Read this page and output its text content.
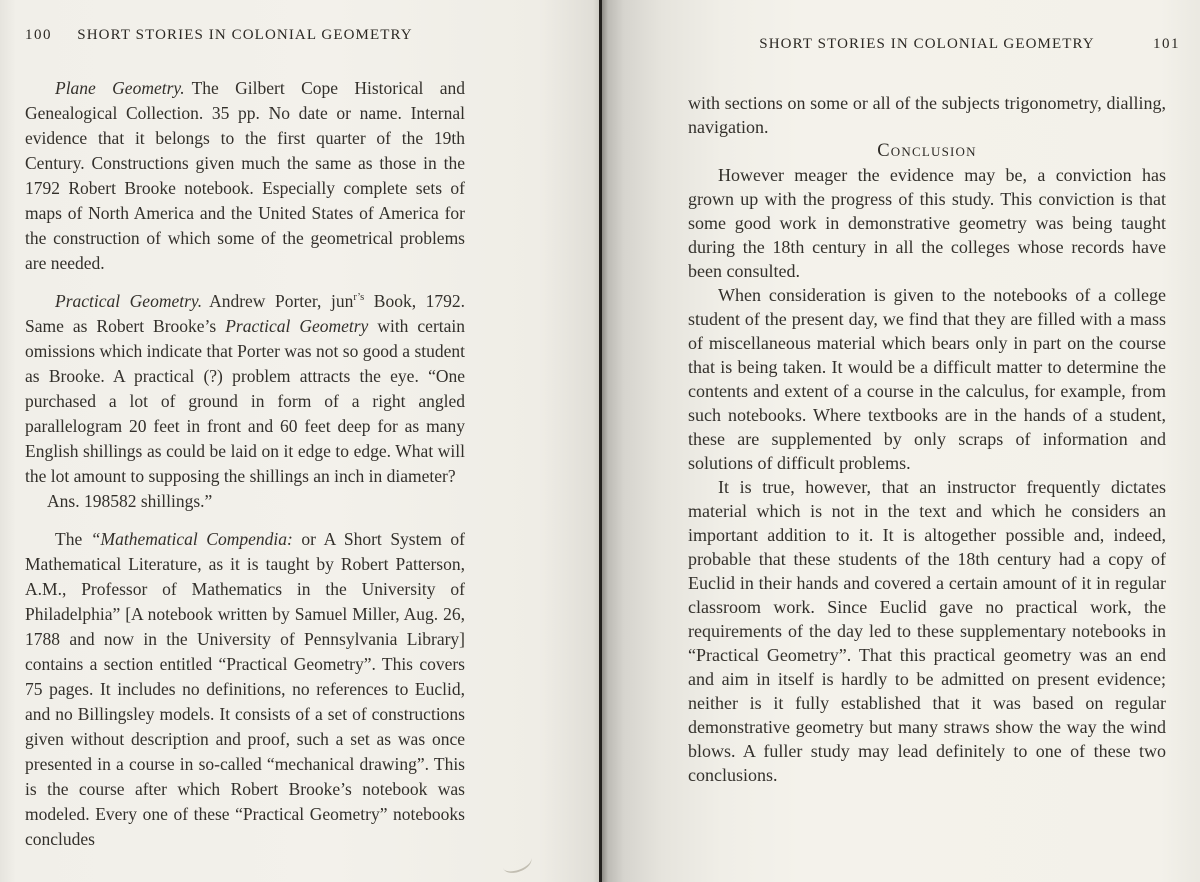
100 SHORT STORIES IN COLONIAL GEOMETRY

Plane Geometry. The Gilbert Cope Historical and Genealogical Collection. 35 pp. No date or name. Internal evidence that it belongs to the first quarter of the 19th Century. Constructions given much the same as those in the 1792 Robert Brooke notebook. Especially complete sets of maps of North America and the United States of America for the construction of which some of the geometrical problems are needed.

Practical Geometry. Andrew Porter, jun$^{r’s}$ Book, 1792. Same as Robert Brooke’s Practical Geometry with certain omissions which indicate that Porter was not so good a student as Brooke. A practical (?) problem attracts the eye. “One purchased a lot of ground in form of a right angled parallelogram 20 feet in front and 60 feet deep for as many English shillings as could be laid on it edge to edge. What will the lot amount to supposing the shillings an inch in diameter?

Ans. 198582 shillings.”

The “Mathematical Compendia: or A Short System of Mathematical Literature, as it is taught by Robert Patterson, A.M., Professor of Mathematics in the University of Philadelphia” [A notebook written by Samuel Miller, Aug. 26, 1788 and now in the University of Pennsylvania Library] contains a section entitled “Practical Geometry”. This covers 75 pages. It includes no definitions, no references to Euclid, and no Billingsley models. It consists of a set of constructions given without description and proof, such a set as was once presented in a course in so-called “mechanical drawing”. This is the course after which Robert Brooke’s notebook was modeled. Every one of these “Practical Geometry” notebooks concludes

SHORT STORIES IN COLONIAL GEOMETRY	101

with sections on some or all of the subjects trigonometry, dialling, navigation.

Conclusion

However meager the evidence may be, a conviction has grown up with the progress of this study. This conviction is that some good work in demonstrative geometry was being taught during the 18th century in all the colleges whose records have been consulted.

When consideration is given to the notebooks of a college student of the present day, we find that they are filled with a mass of miscellaneous material which bears only in part on the course that is being taken. It would be a difficult matter to determine the contents and extent of a course in the calculus, for example, from such notebooks. Where textbooks are in the hands of a student, these are supplemented by only scraps of information and solutions of difficult problems.

It is true, however, that an instructor frequently dictates material which is not in the text and which he considers an important addition to it. It is altogether possible and, indeed, probable that these students of the 18th century had a copy of Euclid in their hands and covered a certain amount of it in regular classroom work. Since Euclid gave no practical work, the requirements of the day led to these supplementary notebooks in “Practical Geometry”. That this practical geometry was an end and aim in itself is hardly to be admitted on present evidence; neither is it fully established that it was based on regular demonstrative geometry but many straws show the way the wind blows. A fuller study may lead definitely to one of these two conclusions.
